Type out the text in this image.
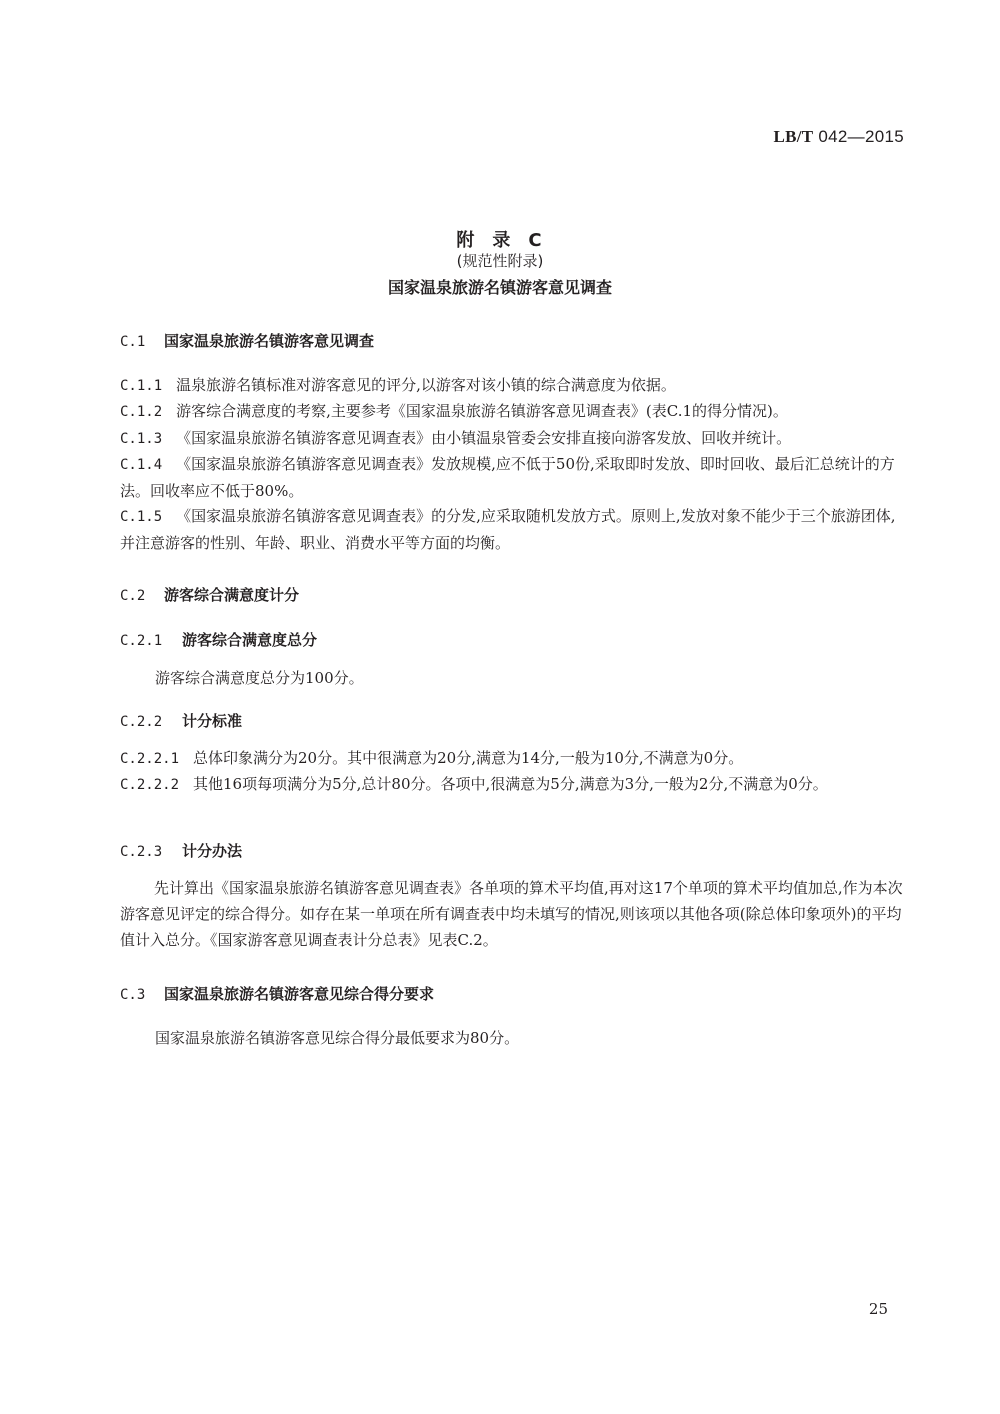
LB/T 042—2015
附 录 C
(规范性附录)
国家温泉旅游名镇游客意见调查
C.1 国家温泉旅游名镇游客意见调查
C.1.1 温泉旅游名镇标准对游客意见的评分,以游客对该小镇的综合满意度为依据。
C.1.2 游客综合满意度的考察,主要参考《国家温泉旅游名镇游客意见调查表》(表C.1的得分情况)。
C.1.3 《国家温泉旅游名镇游客意见调查表》由小镇温泉管委会安排直接向游客发放、回收并统计。
C.1.4 《国家温泉旅游名镇游客意见调查表》发放规模,应不低于50份,采取即时发放、即时回收、最后汇总统计的方法。回收率应不低于80%。
C.1.5 《国家温泉旅游名镇游客意见调查表》的分发,应采取随机发放方式。原则上,发放对象不能少于三个旅游团体,并注意游客的性别、年龄、职业、消费水平等方面的均衡。
C.2 游客综合满意度计分
C.2.1 游客综合满意度总分
游客综合满意度总分为100分。
C.2.2 计分标准
C.2.2.1 总体印象满分为20分。其中很满意为20分,满意为14分,一般为10分,不满意为0分。
C.2.2.2 其他16项每项满分为5分,总计80分。各项中,很满意为5分,满意为3分,一般为2分,不满意为0分。
C.2.3 计分办法
先计算出《国家温泉旅游名镇游客意见调查表》各单项的算术平均值,再对这17个单项的算术平均值加总,作为本次游客意见评定的综合得分。如存在某一单项在所有调查表中均未填写的情况,则该项以其他各项(除总体印象项外)的平均值计入总分。《国家游客意见调查表计分总表》见表C.2。
C.3 国家温泉旅游名镇游客意见综合得分要求
国家温泉旅游名镇游客意见综合得分最低要求为80分。
25
